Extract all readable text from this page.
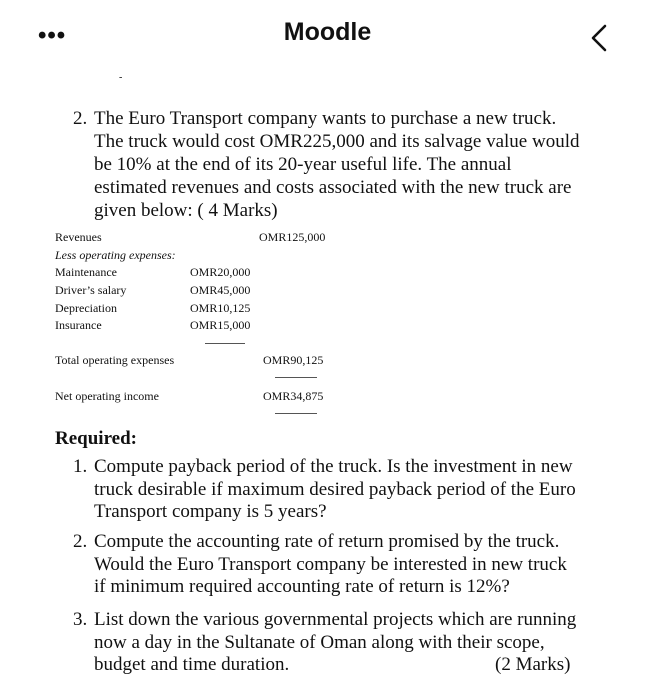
•••	Moodle
-
2. The Euro Transport company wants to purchase a new truck.
The truck would cost OMR225,000 and its salvage value would
be 10% at the end of its 20-year useful life. The annual
estimated revenues and costs associated with the new truck are
given below: ( 4 Marks)
Revenues	OMR125,000
Less operating expenses:
Maintenance	OMR20,000
Driver’s salary	OMR45,000
Depreciation	OMR10,125
Insurance	OMR15,000
Total operating expenses	OMR90,125
Net operating income	OMR34,875
Required:
1. Compute payback period of the truck. Is the investment in new
truck desirable if maximum desired payback period of the Euro
Transport company is 5 years?
2. Compute the accounting rate of return promised by the truck.
Would the Euro Transport company be interested in new truck
if minimum required accounting rate of return is 12%?
3. List down the various governmental projects which are running
now a day in the Sultanate of Oman along with their scope,
budget and time duration.	(2 Marks)
